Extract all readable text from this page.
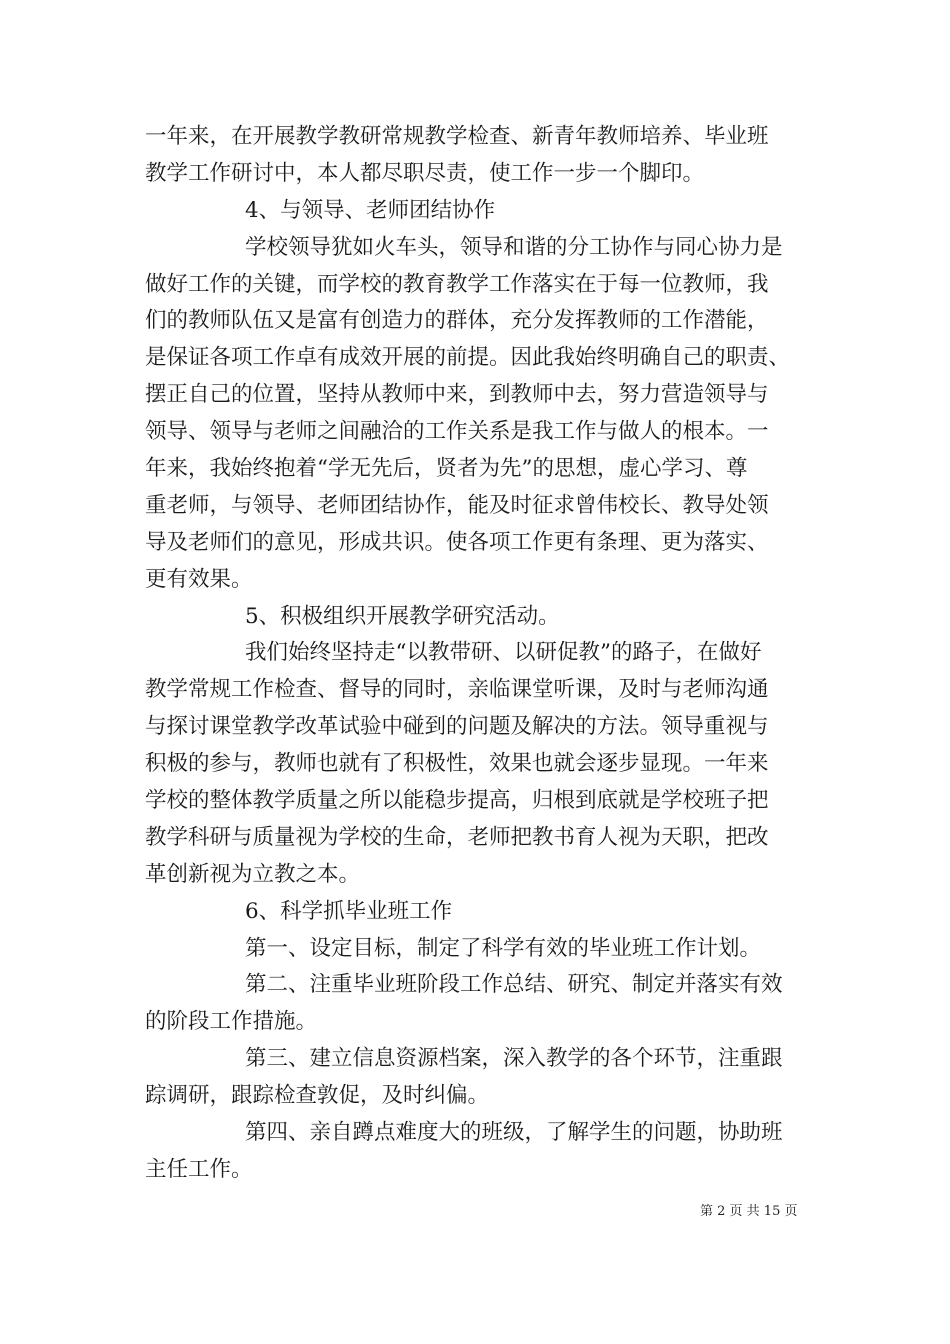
一年来，在开展教学教研常规教学检查、新青年教师培养、毕业班
教学工作研讨中，本人都尽职尽责，使工作一步一个脚印。
4、与领导、老师团结协作
学校领导犹如火车头，领导和谐的分工协作与同心协力是
做好工作的关键，而学校的教育教学工作落实在于每一位教师，我
们的教师队伍又是富有创造力的群体，充分发挥教师的工作潜能，
是保证各项工作卓有成效开展的前提。因此我始终明确自己的职责、
摆正自己的位置，坚持从教师中来，到教师中去，努力营造领导与
领导、领导与老师之间融洽的工作关系是我工作与做人的根本。一
年来，我始终抱着“学无先后，贤者为先”的思想，虚心学习、尊
重老师，与领导、老师团结协作，能及时征求曾伟校长、教导处领
导及老师们的意见，形成共识。使各项工作更有条理、更为落实、
更有效果。
5、积极组织开展教学研究活动。
我们始终坚持走“以教带研、以研促教”的路子，在做好
教学常规工作检查、督导的同时，亲临课堂听课，及时与老师沟通
与探讨课堂教学改革试验中碰到的问题及解决的方法。领导重视与
积极的参与，教师也就有了积极性，效果也就会逐步显现。一年来
学校的整体教学质量之所以能稳步提高，归根到底就是学校班子把
教学科研与质量视为学校的生命，老师把教书育人视为天职，把改
革创新视为立教之本。
6、科学抓毕业班工作
第一、设定目标，制定了科学有效的毕业班工作计划。
第二、注重毕业班阶段工作总结、研究、制定并落实有效
的阶段工作措施。
第三、建立信息资源档案，深入教学的各个环节，注重跟
踪调研，跟踪检查敦促，及时纠偏。
第四、亲自蹲点难度大的班级，了解学生的问题，协助班
主任工作。
第 2 页 共 15 页
